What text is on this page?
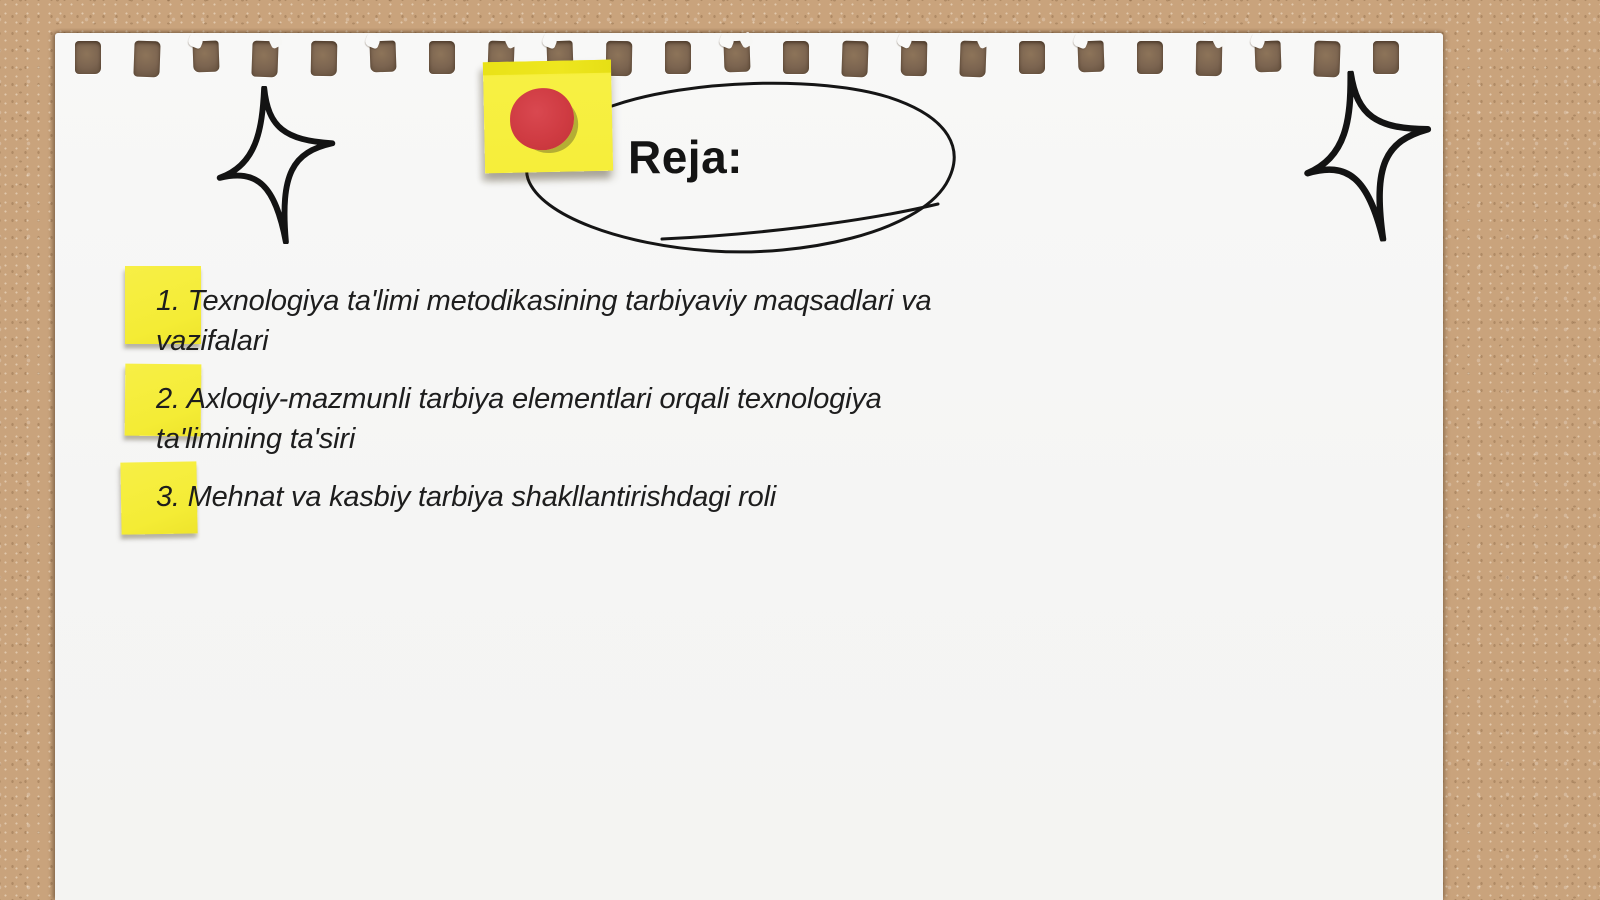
Reja:
1. Texnologiya ta'limi metodikasining tarbiyaviy maqsadlari va
vazifalari
2. Axloqiy-mazmunli tarbiya elementlari orqali texnologiya
ta'limining ta'siri
3. Mehnat va kasbiy tarbiya shakllantirishdagi roli
